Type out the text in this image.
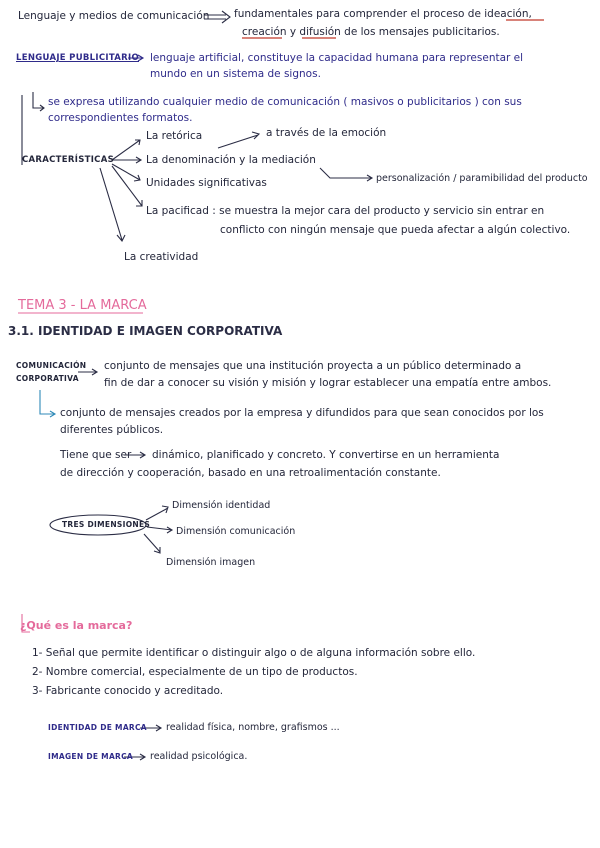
Lenguaje y medios de comunicación fundamentales para comprender el proceso de ideación,
creación y difusión de los mensajes publicitarios.
LENGUAJE PUBLICITARIO lenguaje artificial, constituye la capacidad humana para representar el
mundo en un sistema de signos.
se expresa utilizando cualquier medio de comunicación ( masivos o publicitarios ) con sus
correspondientes formatos.
CARACTERÍSTICAS
La retórica	a través de la emoción
La denominación y la mediación
personalización / paramibilidad del producto
Unidades significativas
La pacificad : se muestra la mejor cara del producto y servicio sin entrar en
conflicto con ningún mensaje que pueda afectar a algún colectivo.
La creatividad
TEMA 3 - LA MARCA
3.1. IDENTIDAD E IMAGEN CORPORATIVA
COMUNICACIÓN
CORPORATIVA
conjunto de mensajes que una institución proyecta a un público determinado a
fin de dar a conocer su visión y misión y lograr establecer una empatía entre ambos.
conjunto de mensajes creados por la empresa y difundidos para que sean conocidos por los
diferentes públicos.
Tiene que ser dinámico, planificado y concreto. Y convertirse en un herramienta
de dirección y cooperación, basado en una retroalimentación constante.
TRES DIMENSIONES
Dimensión identidad
Dimensión comunicación
Dimensión imagen
¿Qué es la marca?
1- Señal que permite identificar o distinguir algo o de alguna información sobre ello.
2- Nombre comercial, especialmente de un tipo de productos.
3- Fabricante conocido y acreditado.
IDENTIDAD DE MARCA realidad física, nombre, grafismos ...
IMAGEN DE MARCA realidad psicológica.
